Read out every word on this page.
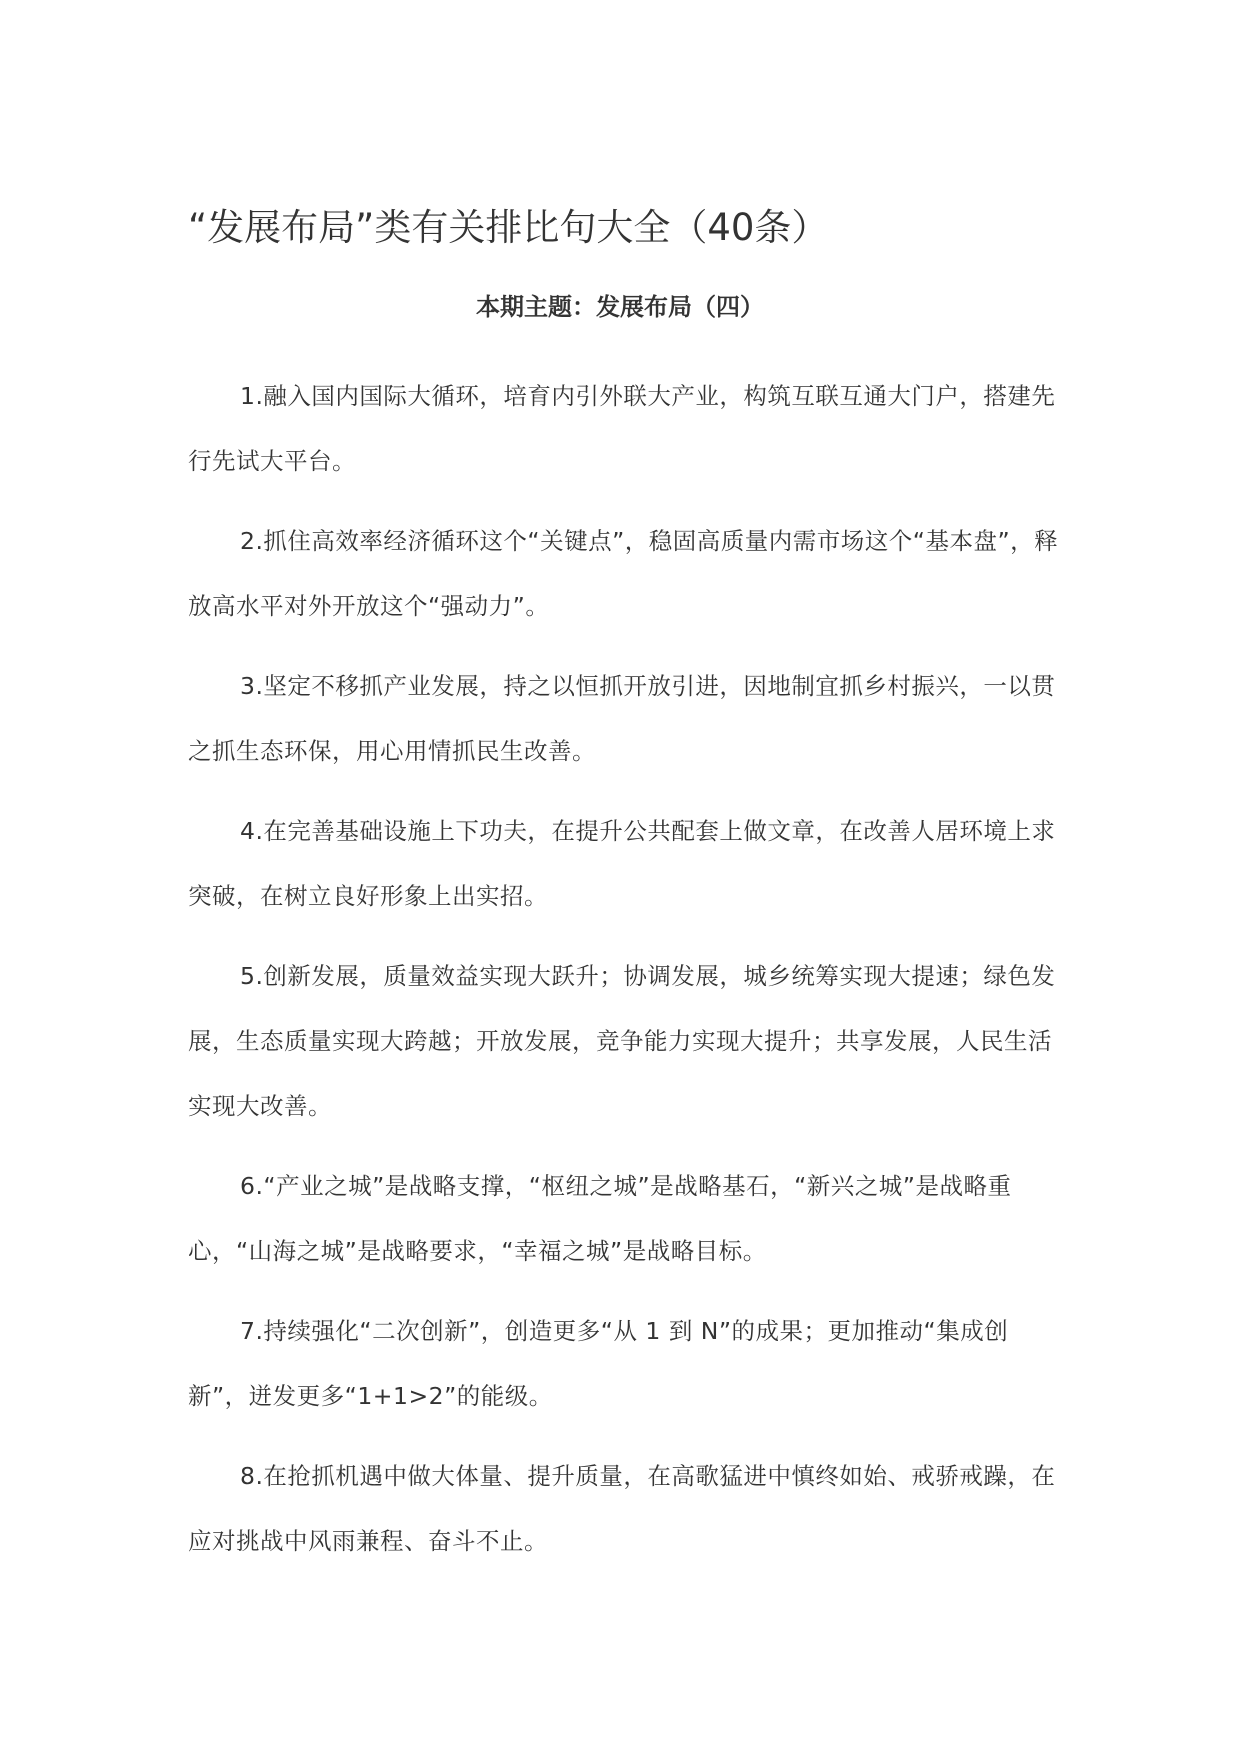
“发展布局”类有关排比句大全（40条）
本期主题：发展布局（四）
1.融入国内国际大循环，培育内引外联大产业，构筑互联互通大门户，搭建先行先试大平台。
2.抓住高效率经济循环这个“关键点”，稳固高质量内需市场这个“基本盘”，释放高水平对外开放这个“强动力”。
3.坚定不移抓产业发展，持之以恒抓开放引进，因地制宜抓乡村振兴，一以贯之抓生态环保，用心用情抓民生改善。
4.在完善基础设施上下功夫，在提升公共配套上做文章，在改善人居环境上求突破，在树立良好形象上出实招。
5.创新发展，质量效益实现大跃升；协调发展，城乡统筹实现大提速；绿色发展，生态质量实现大跨越；开放发展，竞争能力实现大提升；共享发展，人民生活实现大改善。
6.“产业之城”是战略支撑，“枢纽之城”是战略基石，“新兴之城”是战略重心，“山海之城”是战略要求，“幸福之城”是战略目标。
7.持续强化“二次创新”，创造更多“从 1 到 N”的成果；更加推动“集成创新”，迸发更多“1+1>2”的能级。
8.在抢抓机遇中做大体量、提升质量，在高歌猛进中慎终如始、戒骄戒躁，在应对挑战中风雨兼程、奋斗不止。
